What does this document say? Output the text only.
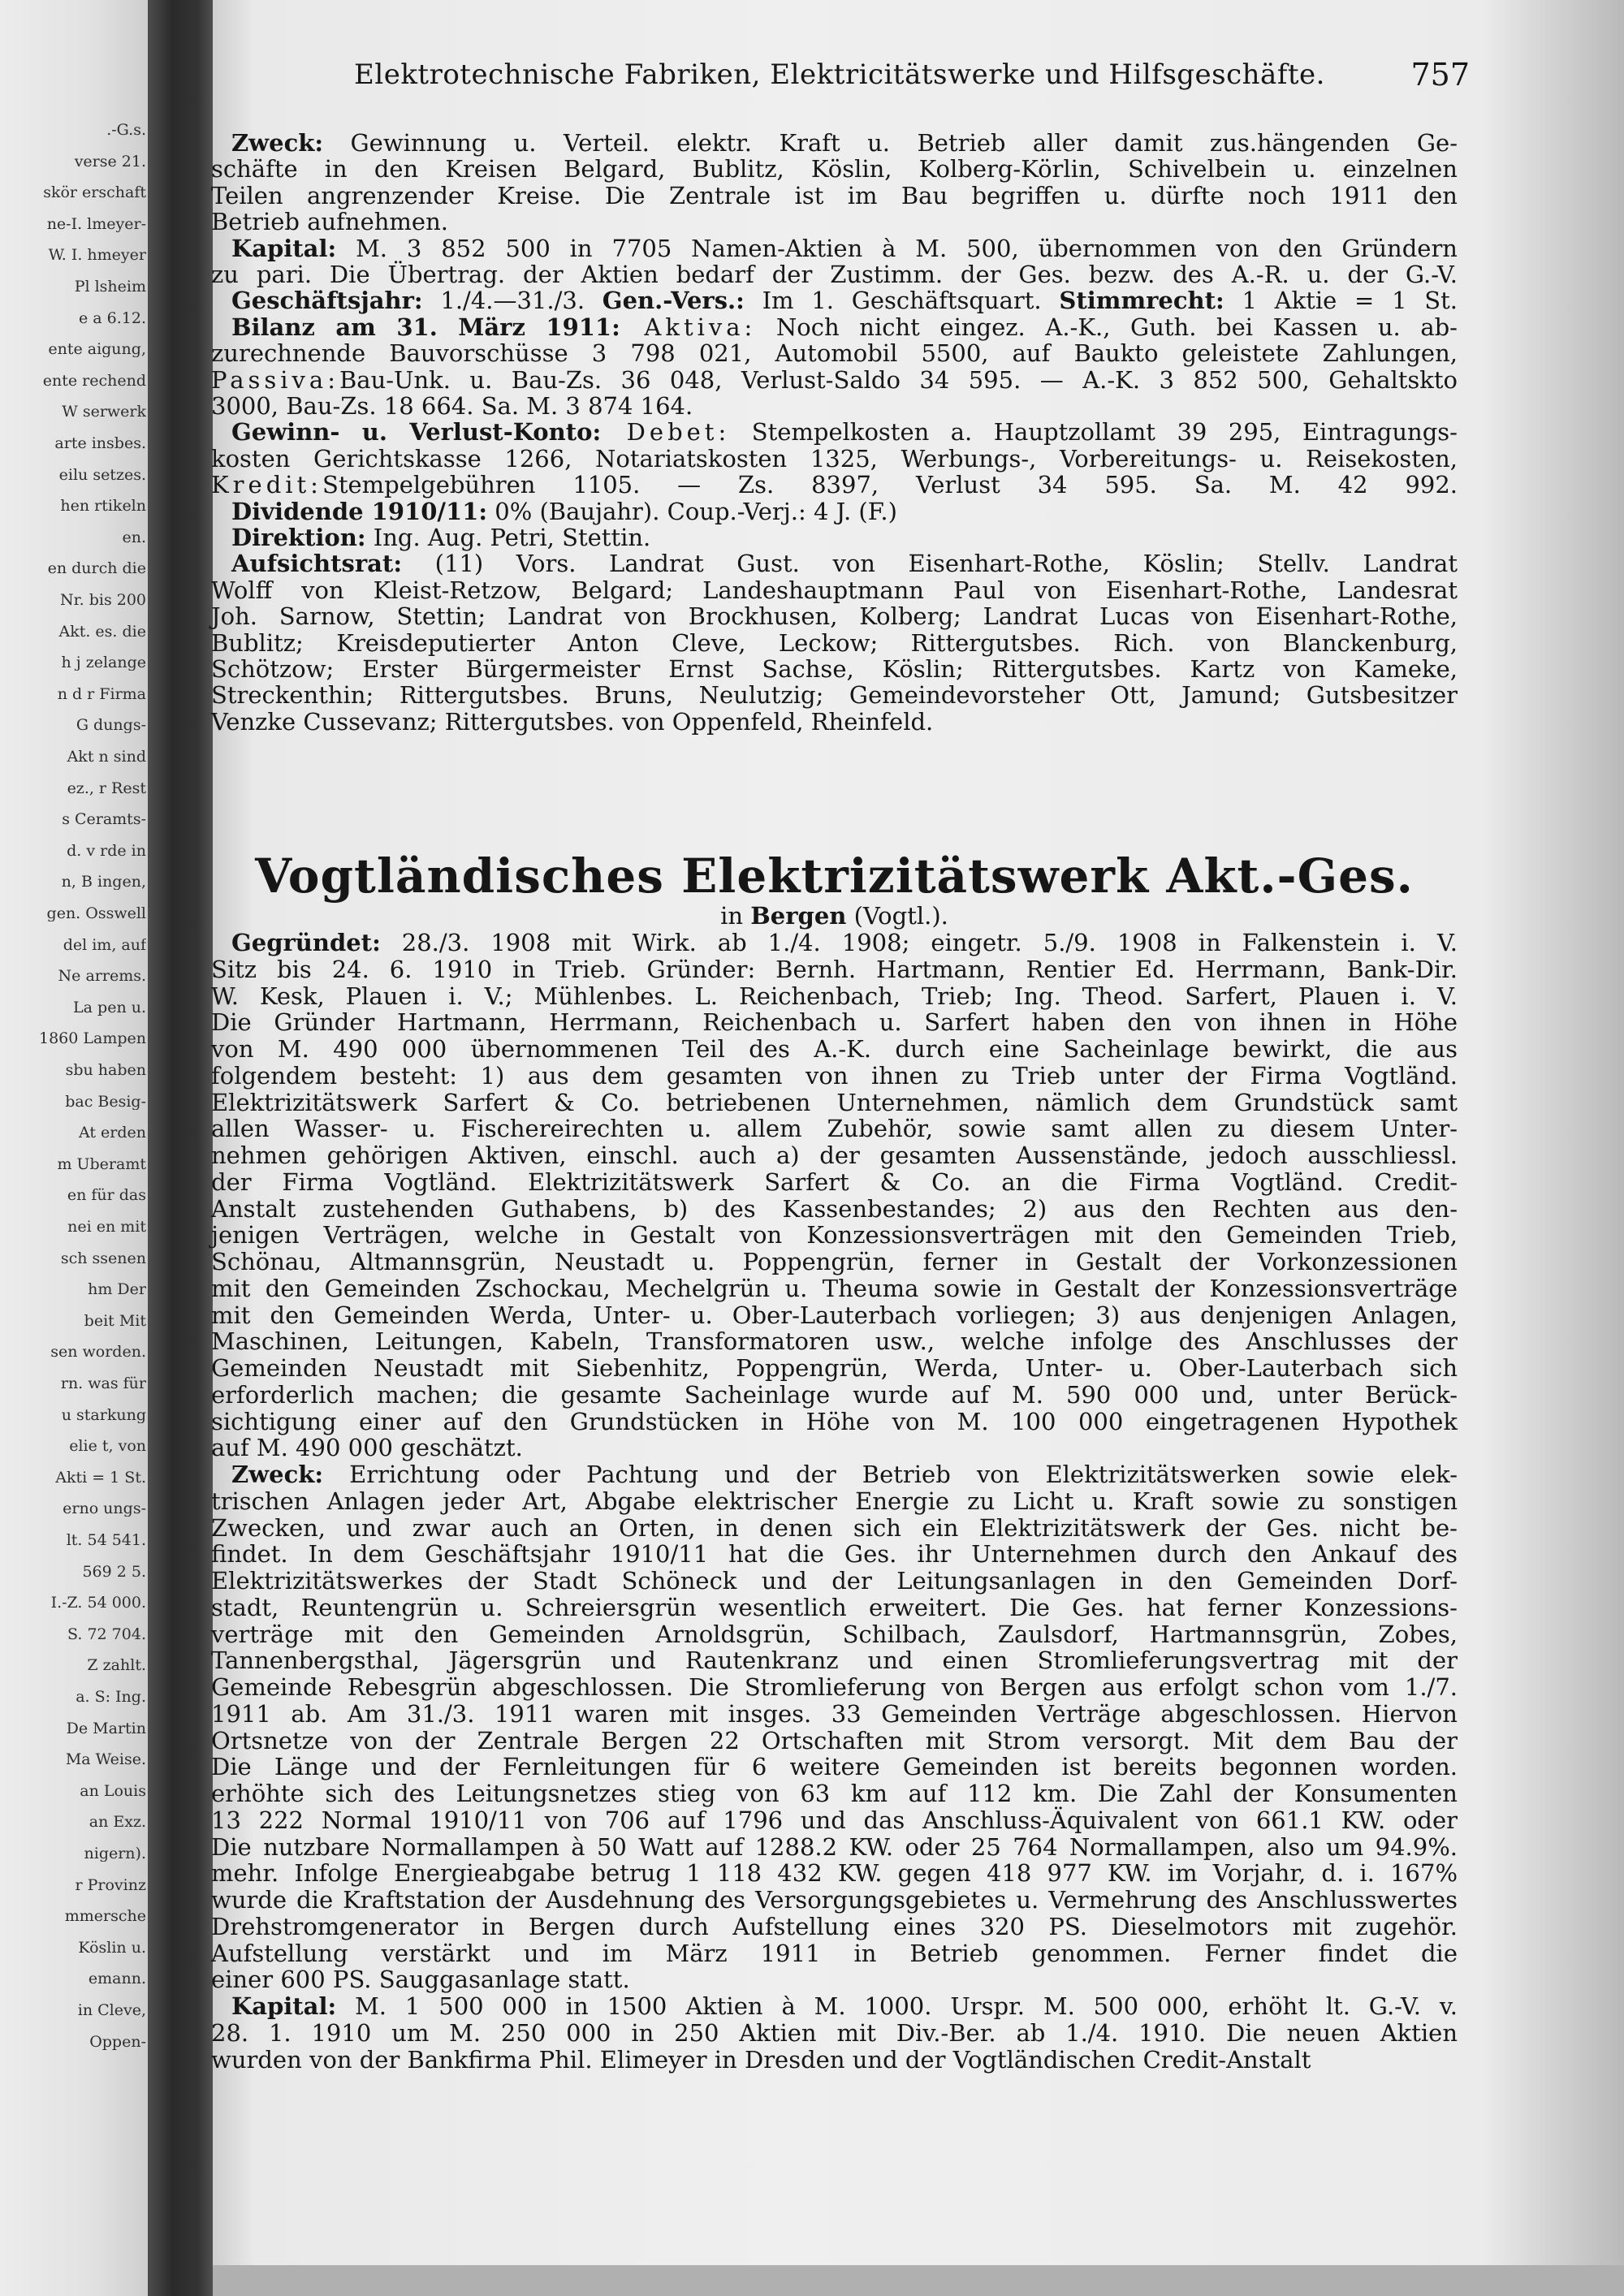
.-G.s.
verse 21.
skör erschaft
ne-I. lmeyer-
W. I. hmeyer
Pl lsheim
e a 6.12.
ente aigung,
ente rechend
W serwerk
arte insbes.
eilu setzes.
hen rtikeln
en.
en durch die
Nr. bis 200
Akt. es. die
h j zelange
n d r Firma
G dungs-
Akt n sind
ez., r Rest
s Ceramts-
d. v rde in
n, B ingen,
gen. Osswell
del im, auf
Ne arrems.
La pen u.
1860 Lampen
sbu haben
bac Besig-
At erden
m Uberamt
en für das
nei en mit
sch ssenen
hm Der
beit Mit
sen worden.
rn. was für
u starkung
elie t, von
Akti = 1 St.
erno ungs-
lt. 54 541.
569 2 5.
I.-Z. 54 000.
S. 72 704.
Z zahlt.
a. S: Ing.
De Martin
Ma Weise.
an Louis
an Exz.
nigern).
r Provinz
mmersche
Köslin u.
emann.
in Cleve,
Oppen-
Elektrotechnische Fabriken, Elektricitätswerke und Hilfsgeschäfte.	757
Zweck: Gewinnung u. Verteil. elektr. Kraft u. Betrieb aller damit zus.hängenden Ge-
schäfte in den Kreisen Belgard, Bublitz, Köslin, Kolberg-Körlin, Schivelbein u. einzelnen
Teilen angrenzender Kreise. Die Zentrale ist im Bau begriffen u. dürfte noch 1911 den
Betrieb aufnehmen.
Kapital: M. 3 852 500 in 7705 Namen-Aktien à M. 500, übernommen von den Gründern
zu pari. Die Übertrag. der Aktien bedarf der Zustimm. der Ges. bezw. des A.-R. u. der G.-V.
Geschäftsjahr: 1./4.—31./3. Gen.-Vers.: Im 1. Geschäftsquart. Stimmrecht: 1 Aktie = 1 St.
Bilanz am 31. März 1911: Aktiva: Noch nicht eingez. A.-K., Guth. bei Kassen u. ab-
zurechnende Bauvorschüsse 3 798 021, Automobil 5500, auf Baukto geleistete Zahlungen,
Passiva:Bau-Unk. u. Bau-Zs. 36 048, Verlust-Saldo 34 595. — A.-K. 3 852 500, Gehaltskto
3000, Bau-Zs. 18 664. Sa. M. 3 874 164.
Gewinn- u. Verlust-Konto: Debet: Stempelkosten a. Hauptzollamt 39 295, Eintragungs-
kosten Gerichtskasse 1266, Notariatskosten 1325, Werbungs-, Vorbereitungs- u. Reisekosten,
Kredit:Stempelgebühren 1105. — Zs. 8397, Verlust 34 595. Sa. M. 42 992.
Dividende 1910/11: 0% (Baujahr). Coup.-Verj.: 4 J. (F.)
Direktion: Ing. Aug. Petri, Stettin.
Aufsichtsrat: (11) Vors. Landrat Gust. von Eisenhart-Rothe, Köslin; Stellv. Landrat
Wolff von Kleist-Retzow, Belgard; Landeshauptmann Paul von Eisenhart-Rothe, Landesrat
Joh. Sarnow, Stettin; Landrat von Brockhusen, Kolberg; Landrat Lucas von Eisenhart-Rothe,
Bublitz; Kreisdeputierter Anton Cleve, Leckow; Rittergutsbes. Rich. von Blanckenburg,
Schötzow; Erster Bürgermeister Ernst Sachse, Köslin; Rittergutsbes. Kartz von Kameke,
Streckenthin; Rittergutsbes. Bruns, Neulutzig; Gemeindevorsteher Ott, Jamund; Gutsbesitzer
Venzke Cussevanz; Rittergutsbes. von Oppenfeld, Rheinfeld.
Vogtländisches Elektrizitätswerk Akt.-Ges.
in Bergen (Vogtl.).
Gegründet: 28./3. 1908 mit Wirk. ab 1./4. 1908; eingetr. 5./9. 1908 in Falkenstein i. V.
Sitz bis 24. 6. 1910 in Trieb. Gründer: Bernh. Hartmann, Rentier Ed. Herrmann, Bank-Dir.
W. Kesk, Plauen i. V.; Mühlenbes. L. Reichenbach, Trieb; Ing. Theod. Sarfert, Plauen i. V.
Die Gründer Hartmann, Herrmann, Reichenbach u. Sarfert haben den von ihnen in Höhe
von M. 490 000 übernommenen Teil des A.-K. durch eine Sacheinlage bewirkt, die aus
folgendem besteht: 1) aus dem gesamten von ihnen zu Trieb unter der Firma Vogtländ.
Elektrizitätswerk Sarfert & Co. betriebenen Unternehmen, nämlich dem Grundstück samt
allen Wasser- u. Fischereirechten u. allem Zubehör, sowie samt allen zu diesem Unter-
nehmen gehörigen Aktiven, einschl. auch a) der gesamten Aussenstände, jedoch ausschliessl.
der Firma Vogtländ. Elektrizitätswerk Sarfert & Co. an die Firma Vogtländ. Credit-
Anstalt zustehenden Guthabens, b) des Kassenbestandes; 2) aus den Rechten aus den-
jenigen Verträgen, welche in Gestalt von Konzessionsverträgen mit den Gemeinden Trieb,
Schönau, Altmannsgrün, Neustadt u. Poppengrün, ferner in Gestalt der Vorkonzessionen
mit den Gemeinden Zschockau, Mechelgrün u. Theuma sowie in Gestalt der Konzessionsverträge
mit den Gemeinden Werda, Unter- u. Ober-Lauterbach vorliegen; 3) aus denjenigen Anlagen,
Maschinen, Leitungen, Kabeln, Transformatoren usw., welche infolge des Anschlusses der
Gemeinden Neustadt mit Siebenhitz, Poppengrün, Werda, Unter- u. Ober-Lauterbach sich
erforderlich machen; die gesamte Sacheinlage wurde auf M. 590 000 und, unter Berück-
sichtigung einer auf den Grundstücken in Höhe von M. 100 000 eingetragenen Hypothek
auf M. 490 000 geschätzt.
Zweck: Errichtung oder Pachtung und der Betrieb von Elektrizitätswerken sowie elek-
trischen Anlagen jeder Art, Abgabe elektrischer Energie zu Licht u. Kraft sowie zu sonstigen
Zwecken, und zwar auch an Orten, in denen sich ein Elektrizitätswerk der Ges. nicht be-
findet. In dem Geschäftsjahr 1910/11 hat die Ges. ihr Unternehmen durch den Ankauf des
Elektrizitätswerkes der Stadt Schöneck und der Leitungsanlagen in den Gemeinden Dorf-
stadt, Reuntengrün u. Schreiersgrün wesentlich erweitert. Die Ges. hat ferner Konzessions-
verträge mit den Gemeinden Arnoldsgrün, Schilbach, Zaulsdorf, Hartmannsgrün, Zobes,
Tannenbergsthal, Jägersgrün und Rautenkranz und einen Stromlieferungsvertrag mit der
Gemeinde Rebesgrün abgeschlossen. Die Stromlieferung von Bergen aus erfolgt schon vom 1./7.
1911 ab. Am 31./3. 1911 waren mit insges. 33 Gemeinden Verträge abgeschlossen. Hiervon
Ortsnetze von der Zentrale Bergen 22 Ortschaften mit Strom versorgt. Mit dem Bau der
Die Länge und der Fernleitungen für 6 weitere Gemeinden ist bereits begonnen worden.
erhöhte sich des Leitungsnetzes stieg von 63 km auf 112 km. Die Zahl der Konsumenten
13 222 Normal 1910/11 von 706 auf 1796 und das Anschluss-Äquivalent von 661.1 KW. oder
Die nutzbare Normallampen à 50 Watt auf 1288.2 KW. oder 25 764 Normallampen, also um 94.9%.
mehr. Infolge Energieabgabe betrug 1 118 432 KW. gegen 418 977 KW. im Vorjahr, d. i. 167%
wurde die Kraftstation der Ausdehnung des Versorgungsgebietes u. Vermehrung des Anschlusswertes
Drehstromgenerator in Bergen durch Aufstellung eines 320 PS. Dieselmotors mit zugehör.
Aufstellung verstärkt und im März 1911 in Betrieb genommen. Ferner findet die
einer 600 PS. Sauggasanlage statt.
Kapital: M. 1 500 000 in 1500 Aktien à M. 1000. Urspr. M. 500 000, erhöht lt. G.-V. v.
28. 1. 1910 um M. 250 000 in 250 Aktien mit Div.-Ber. ab 1./4. 1910. Die neuen Aktien
wurden von der Bankfirma Phil. Elimeyer in Dresden und der Vogtländischen Credit-Anstalt
